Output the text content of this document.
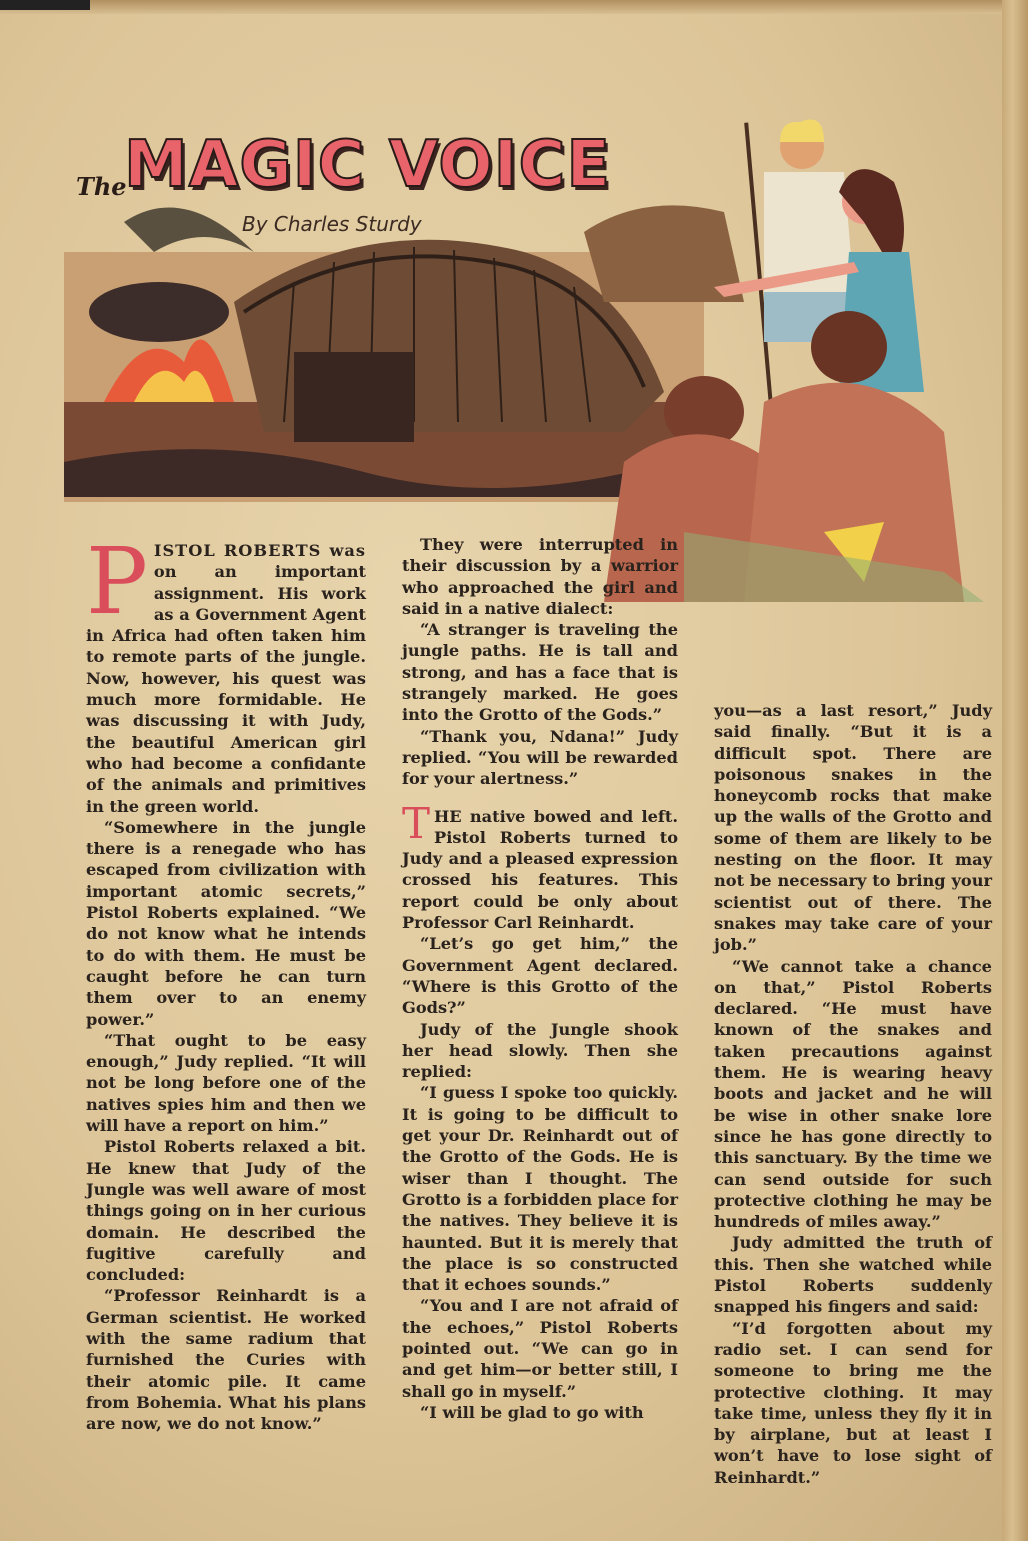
The
MAGIC VOICE
By Charles Sturdy

PISTOL ROBERTS was on an important assignment. His work as a Government Agent in Africa had often taken him to remote parts of the jungle. Now, however, his quest was much more formidable. He was discussing it with Judy, the beautiful American girl who had become a confidante of the animals and primitives in the green world.

“Somewhere in the jungle there is a renegade who has escaped from civilization with important atomic secrets,” Pistol Roberts explained. “We do not know what he intends to do with them. He must be caught before he can turn them over to an enemy power.”

“That ought to be easy enough,” Judy replied. “It will not be long before one of the natives spies him and then we will have a report on him.”

Pistol Roberts relaxed a bit. He knew that Judy of the Jungle was well aware of most things going on in her curious domain. He described the fugitive carefully and concluded:

“Professor Reinhardt is a German scientist. He worked with the same radium that furnished the Curies with their atomic pile. It came from Bohemia. What his plans are now, we do not know.”

They were interrupted in their discussion by a warrior who approached the girl and said in a native dialect:

“A stranger is traveling the jungle paths. He is tall and strong, and has a face that is strangely marked. He goes into the Grotto of the Gods.”

“Thank you, Ndana!” Judy replied. “You will be rewarded for your alertness.”

THE native bowed and left. Pistol Roberts turned to Judy and a pleased expression crossed his features. This report could be only about Professor Carl Reinhardt.

“Let’s go get him,” the Government Agent declared. “Where is this Grotto of the Gods?”

Judy of the Jungle shook her head slowly. Then she replied:

“I guess I spoke too quickly. It is going to be difficult to get your Dr. Reinhardt out of the Grotto of the Gods. He is wiser than I thought. The Grotto is a forbidden place for the natives. They believe it is haunted. But it is merely that the place is so constructed that it echoes sounds.”

“You and I are not afraid of the echoes,” Pistol Roberts pointed out. “We can go in and get him—or better still, I shall go in myself.”

“I will be glad to go with

you—as a last resort,” Judy said finally. “But it is a difficult spot. There are poisonous snakes in the honeycomb rocks that make up the walls of the Grotto and some of them are likely to be nesting on the floor. It may not be necessary to bring your scientist out of there. The snakes may take care of your job.”

“We cannot take a chance on that,” Pistol Roberts declared. “He must have known of the snakes and taken precautions against them. He is wearing heavy boots and jacket and he will be wise in other snake lore since he has gone directly to this sanctuary. By the time we can send outside for such protective clothing he may be hundreds of miles away.”

Judy admitted the truth of this. Then she watched while Pistol Roberts suddenly snapped his fingers and said:

“I’d forgotten about my radio set. I can send for someone to bring me the protective clothing. It may take time, unless they fly it in by airplane, but at least I won’t have to lose sight of Reinhardt.”
